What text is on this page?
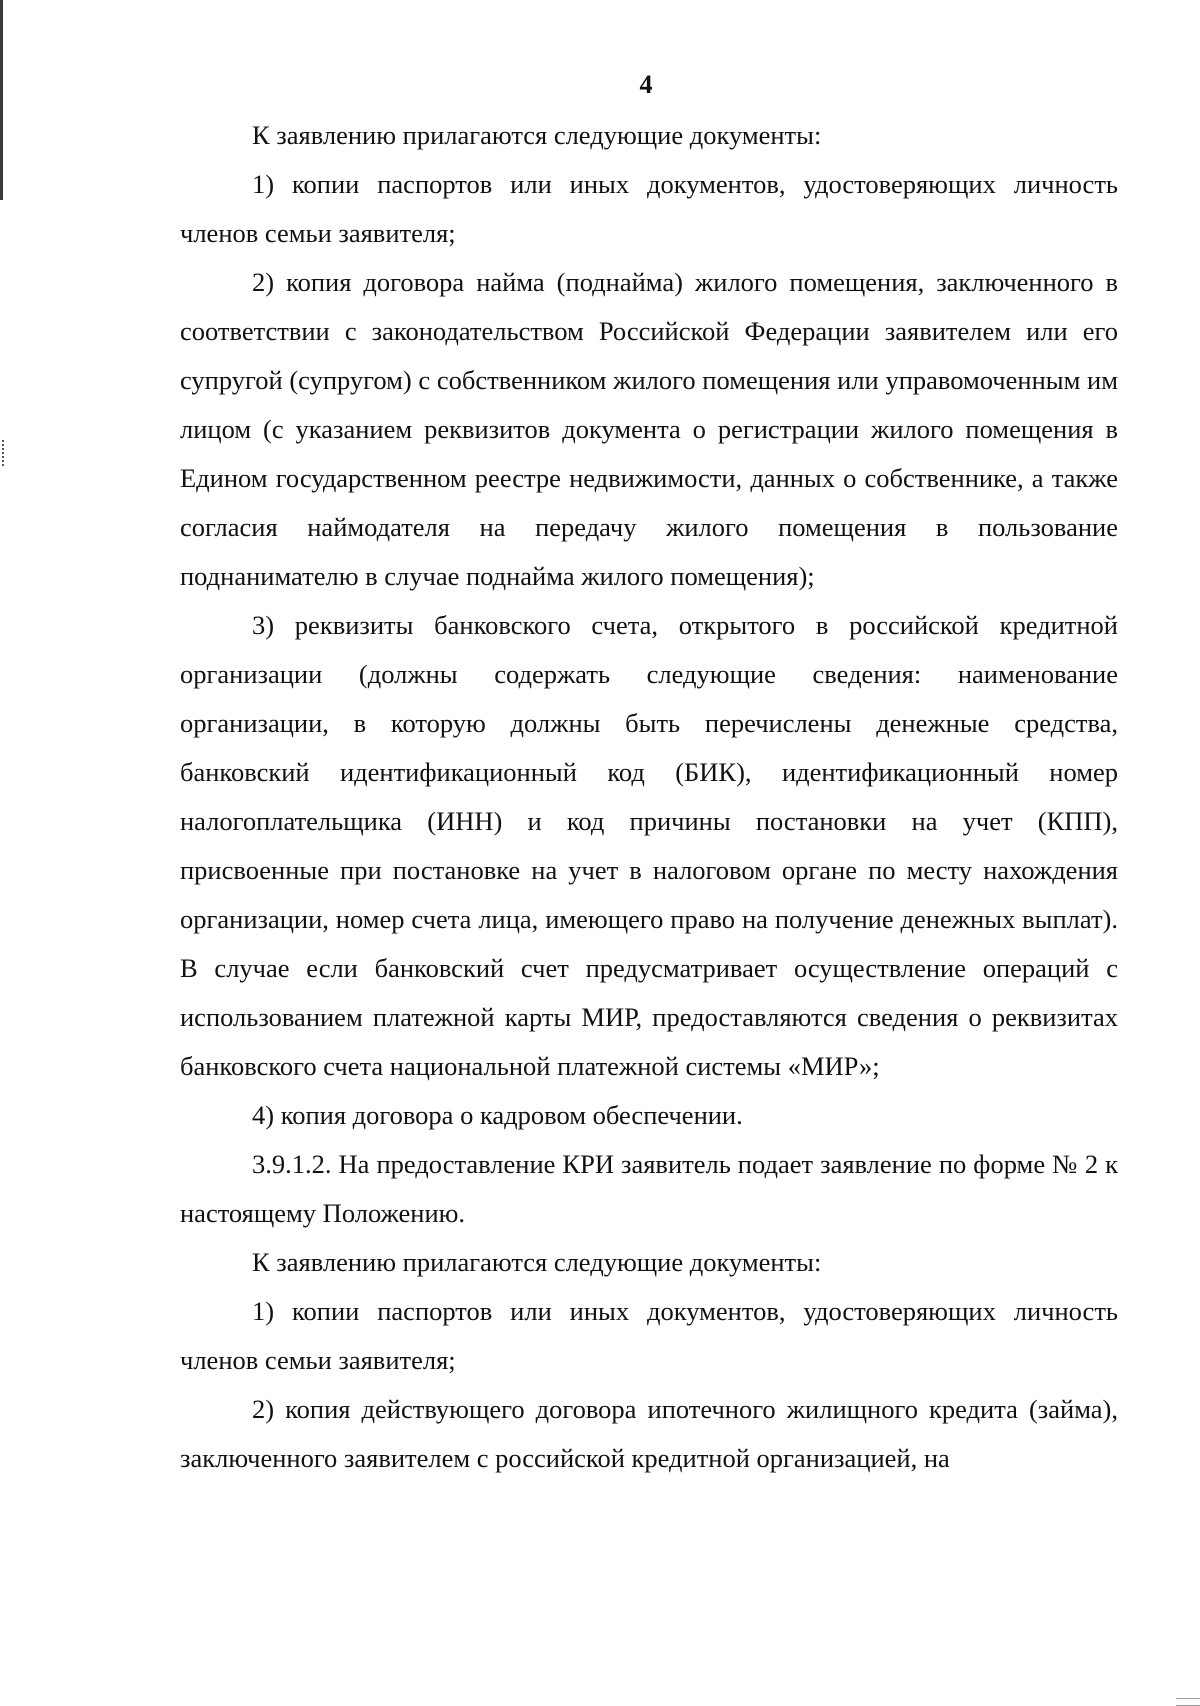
4

К заявлению прилагаются следующие документы:

1) копии паспортов или иных документов, удостоверяющих личность членов семьи заявителя;

2) копия договора найма (поднайма) жилого помещения, заключенного в соответствии с законодательством Российской Федерации заявителем или его супругой (супругом) с собственником жилого помещения или управомоченным им лицом (с указанием реквизитов документа о регистрации жилого помещения в Едином государственном реестре недвижимости, данных о собственнике, а также согласия наймодателя на передачу жилого помещения в пользование поднанимателю в случае поднайма жилого помещения);

3) реквизиты банковского счета, открытого в российской кредитной организации (должны содержать следующие сведения: наименование организации, в которую должны быть перечислены денежные средства, банковский идентификационный код (БИК), идентификационный номер налогоплательщика (ИНН) и код причины постановки на учет (КПП), присвоенные при постановке на учет в налоговом органе по месту нахождения организации, номер счета лица, имеющего право на получение денежных выплат). В случае если банковский счет предусматривает осуществление операций с использованием платежной карты МИР, предоставляются сведения о реквизитах банковского счета национальной платежной системы «МИР»;

4) копия договора о кадровом обеспечении.

3.9.1.2. На предоставление КРИ заявитель подает заявление по форме № 2 к настоящему Положению.

К заявлению прилагаются следующие документы:

1) копии паспортов или иных документов, удостоверяющих личность членов семьи заявителя;

2) копия действующего договора ипотечного жилищного кредита (займа), заключенного заявителем с российской кредитной организацией, на
